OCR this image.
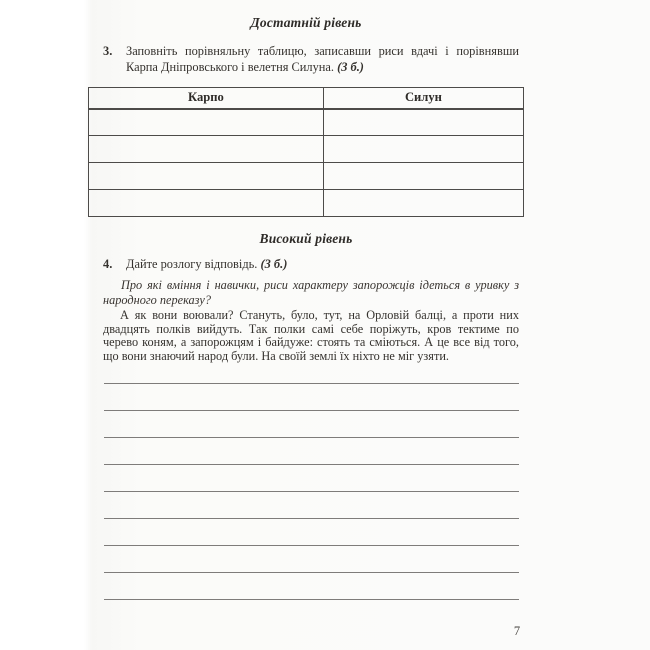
Достатній рівень
3.	Заповніть порівняльну таблицю, записавши риси вдачі і порівнявши Карпа Дніпровського і велетня Силуна. (3 б.)
Карпо	Силун

Високий рівень
4.	Дайте розлогу відповідь. (3 б.)
Про які вміння і навички, риси характеру запорожців ідеться в уривку з народного переказу?
А як вони воювали? Стануть, було, тут, на Орловій балці, а проти них двадцять полків вийдуть. Так полки самі себе поріжуть, кров тектиме по черево коням, а запорожцям і байдуже: стоять та сміються. А це все від того, що вони знаючий народ були. На своїй землі їх ніхто не міг узяти.
7
